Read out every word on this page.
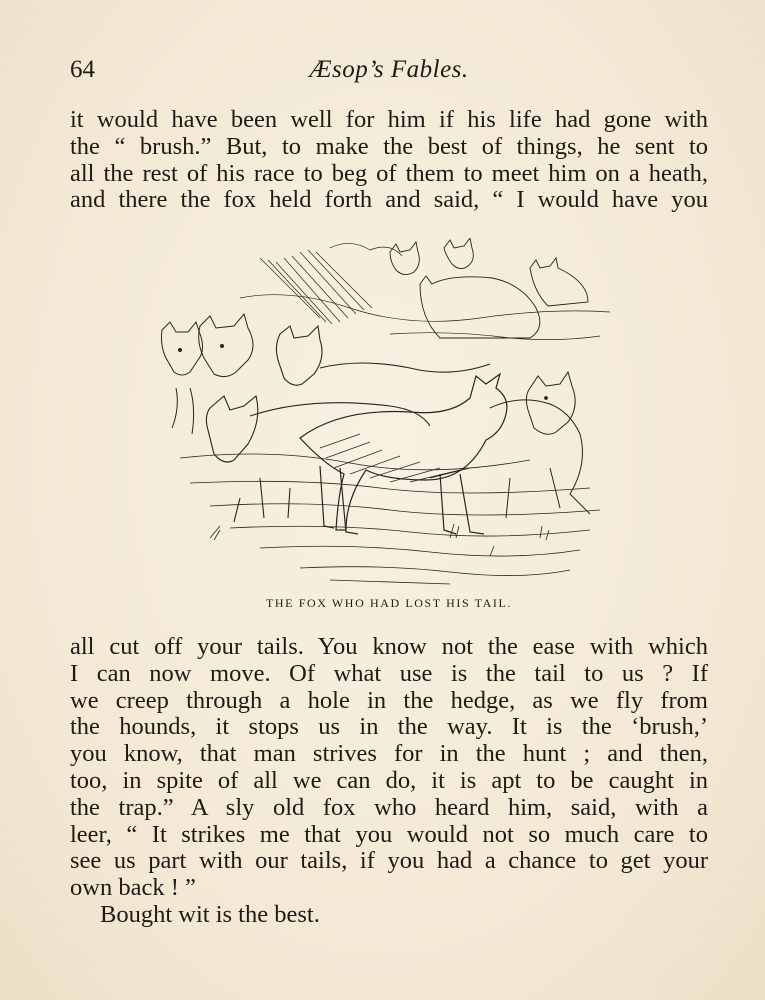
64	Æsop’s Fables.
it would have been well for him if his life had gone with
the “ brush.” But, to make the best of things, he sent to
all the rest of his race to beg of them to meet him on a heath,
and there the fox held forth and said, “ I would have you
THE FOX WHO HAD LOST HIS TAIL.
all cut off your tails. You know not the ease with which
I can now move. Of what use is the tail to us ? If
we creep through a hole in the hedge, as we fly from
the hounds, it stops us in the way. It is the ‘brush,’
you know, that man strives for in the hunt ; and then,
too, in spite of all we can do, it is apt to be caught in
the trap.” A sly old fox who heard him, said, with a
leer, “ It strikes me that you would not so much care to
see us part with our tails, if you had a chance to get your
own back ! ”
Bought wit is the best.
